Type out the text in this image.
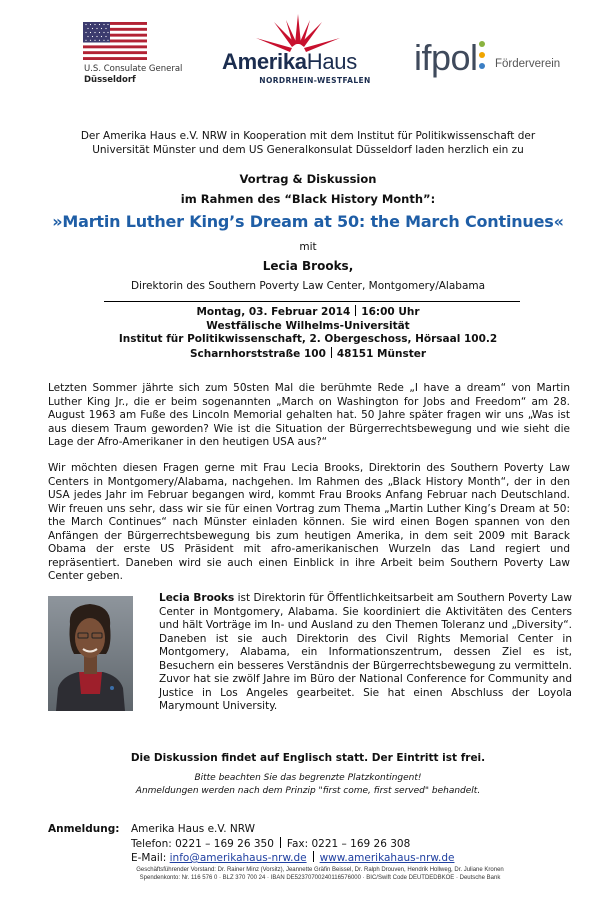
U.S. Consulate General
Düsseldorf
AmerikaHaus
NORDRHEIN-WESTFALEN
ifpol Förderverein
Der Amerika Haus e.V. NRW in Kooperation mit dem Institut für Politikwissenschaft der
Universität Münster und dem US Generalkonsulat Düsseldorf laden herzlich ein zu
Vortrag & Diskussion
im Rahmen des “Black History Month”:
»Martin Luther King’s Dream at 50: the March Continues«
mit
Lecia Brooks,
Direktorin des Southern Poverty Law Center, Montgomery/Alabama
Montag, 03. Februar 2014 16:00 Uhr
Westfälische Wilhelms-Universität
Institut für Politikwissenschaft, 2. Obergeschoss, Hörsaal 100.2
Scharnhorststraße 100 48151 Münster
Letzten Sommer jährte sich zum 50sten Mal die berühmte Rede „I have a dream“ von Martin Luther King Jr., die er beim sogenannten „March on Washington for Jobs and Freedom“ am 28. August 1963 am Fuße des Lincoln Memorial gehalten hat. 50 Jahre später fragen wir uns „Was ist aus diesem Traum geworden? Wie ist die Situation der Bürgerrechtsbewegung und wie sieht die Lage der Afro-Amerikaner in den heutigen USA aus?“
Wir möchten diesen Fragen gerne mit Frau Lecia Brooks, Direktorin des Southern Poverty Law Centers in Montgomery/Alabama, nachgehen. Im Rahmen des „Black History Month“, der in den USA jedes Jahr im Februar begangen wird, kommt Frau Brooks Anfang Februar nach Deutschland. Wir freuen uns sehr, dass wir sie für einen Vortrag zum Thema „Martin Luther King’s Dream at 50: the March Continues“ nach Münster einladen können. Sie wird einen Bogen spannen von den Anfängen der Bürgerrechtsbewegung bis zum heutigen Amerika, in dem seit 2009 mit Barack Obama der erste US Präsident mit afro-amerikanischen Wurzeln das Land regiert und repräsentiert. Daneben wird sie auch einen Einblick in ihre Arbeit beim Southern Poverty Law Center geben.
Lecia Brooks ist Direktorin für Öffentlichkeitsarbeit am Southern Poverty Law Center in Montgomery, Alabama. Sie koordiniert die Aktivitäten des Centers und hält Vorträge im In- und Ausland zu den Themen Toleranz und „Diversity“. Daneben ist sie auch Direktorin des Civil Rights Memorial Center in Montgomery, Alabama, ein Informationszentrum, dessen Ziel es ist, Besuchern ein besseres Verständnis der Bürgerrechtsbewegung zu vermitteln. Zuvor hat sie zwölf Jahre im Büro der National Conference for Community and Justice in Los Angeles gearbeitet. Sie hat einen Abschluss der Loyola Marymount University.
Die Diskussion findet auf Englisch statt. Der Eintritt ist frei.
Bitte beachten Sie das begrenzte Platzkontingent!
Anmeldungen werden nach dem Prinzip "first come, first served" behandelt.
Anmeldung: Amerika Haus e.V. NRW
Telefon: 0221 – 169 26 350 Fax: 0221 – 169 26 308
E-Mail: info@amerikahaus-nrw.de www.amerikahaus-nrw.de
Geschäftsführender Vorstand: Dr. Rainer Minz (Vorsitz), Jeannette Gräfin Beissel, Dr. Ralph Drouven, Hendrik Hollweg, Dr. Juliane Kronen
Spendenkonto: Nr. 116 576 0 · BLZ 370 700 24 · IBAN DE52370700240116576000 · BIC/Swift Code DEUTDEDBKOE · Deutsche Bank
